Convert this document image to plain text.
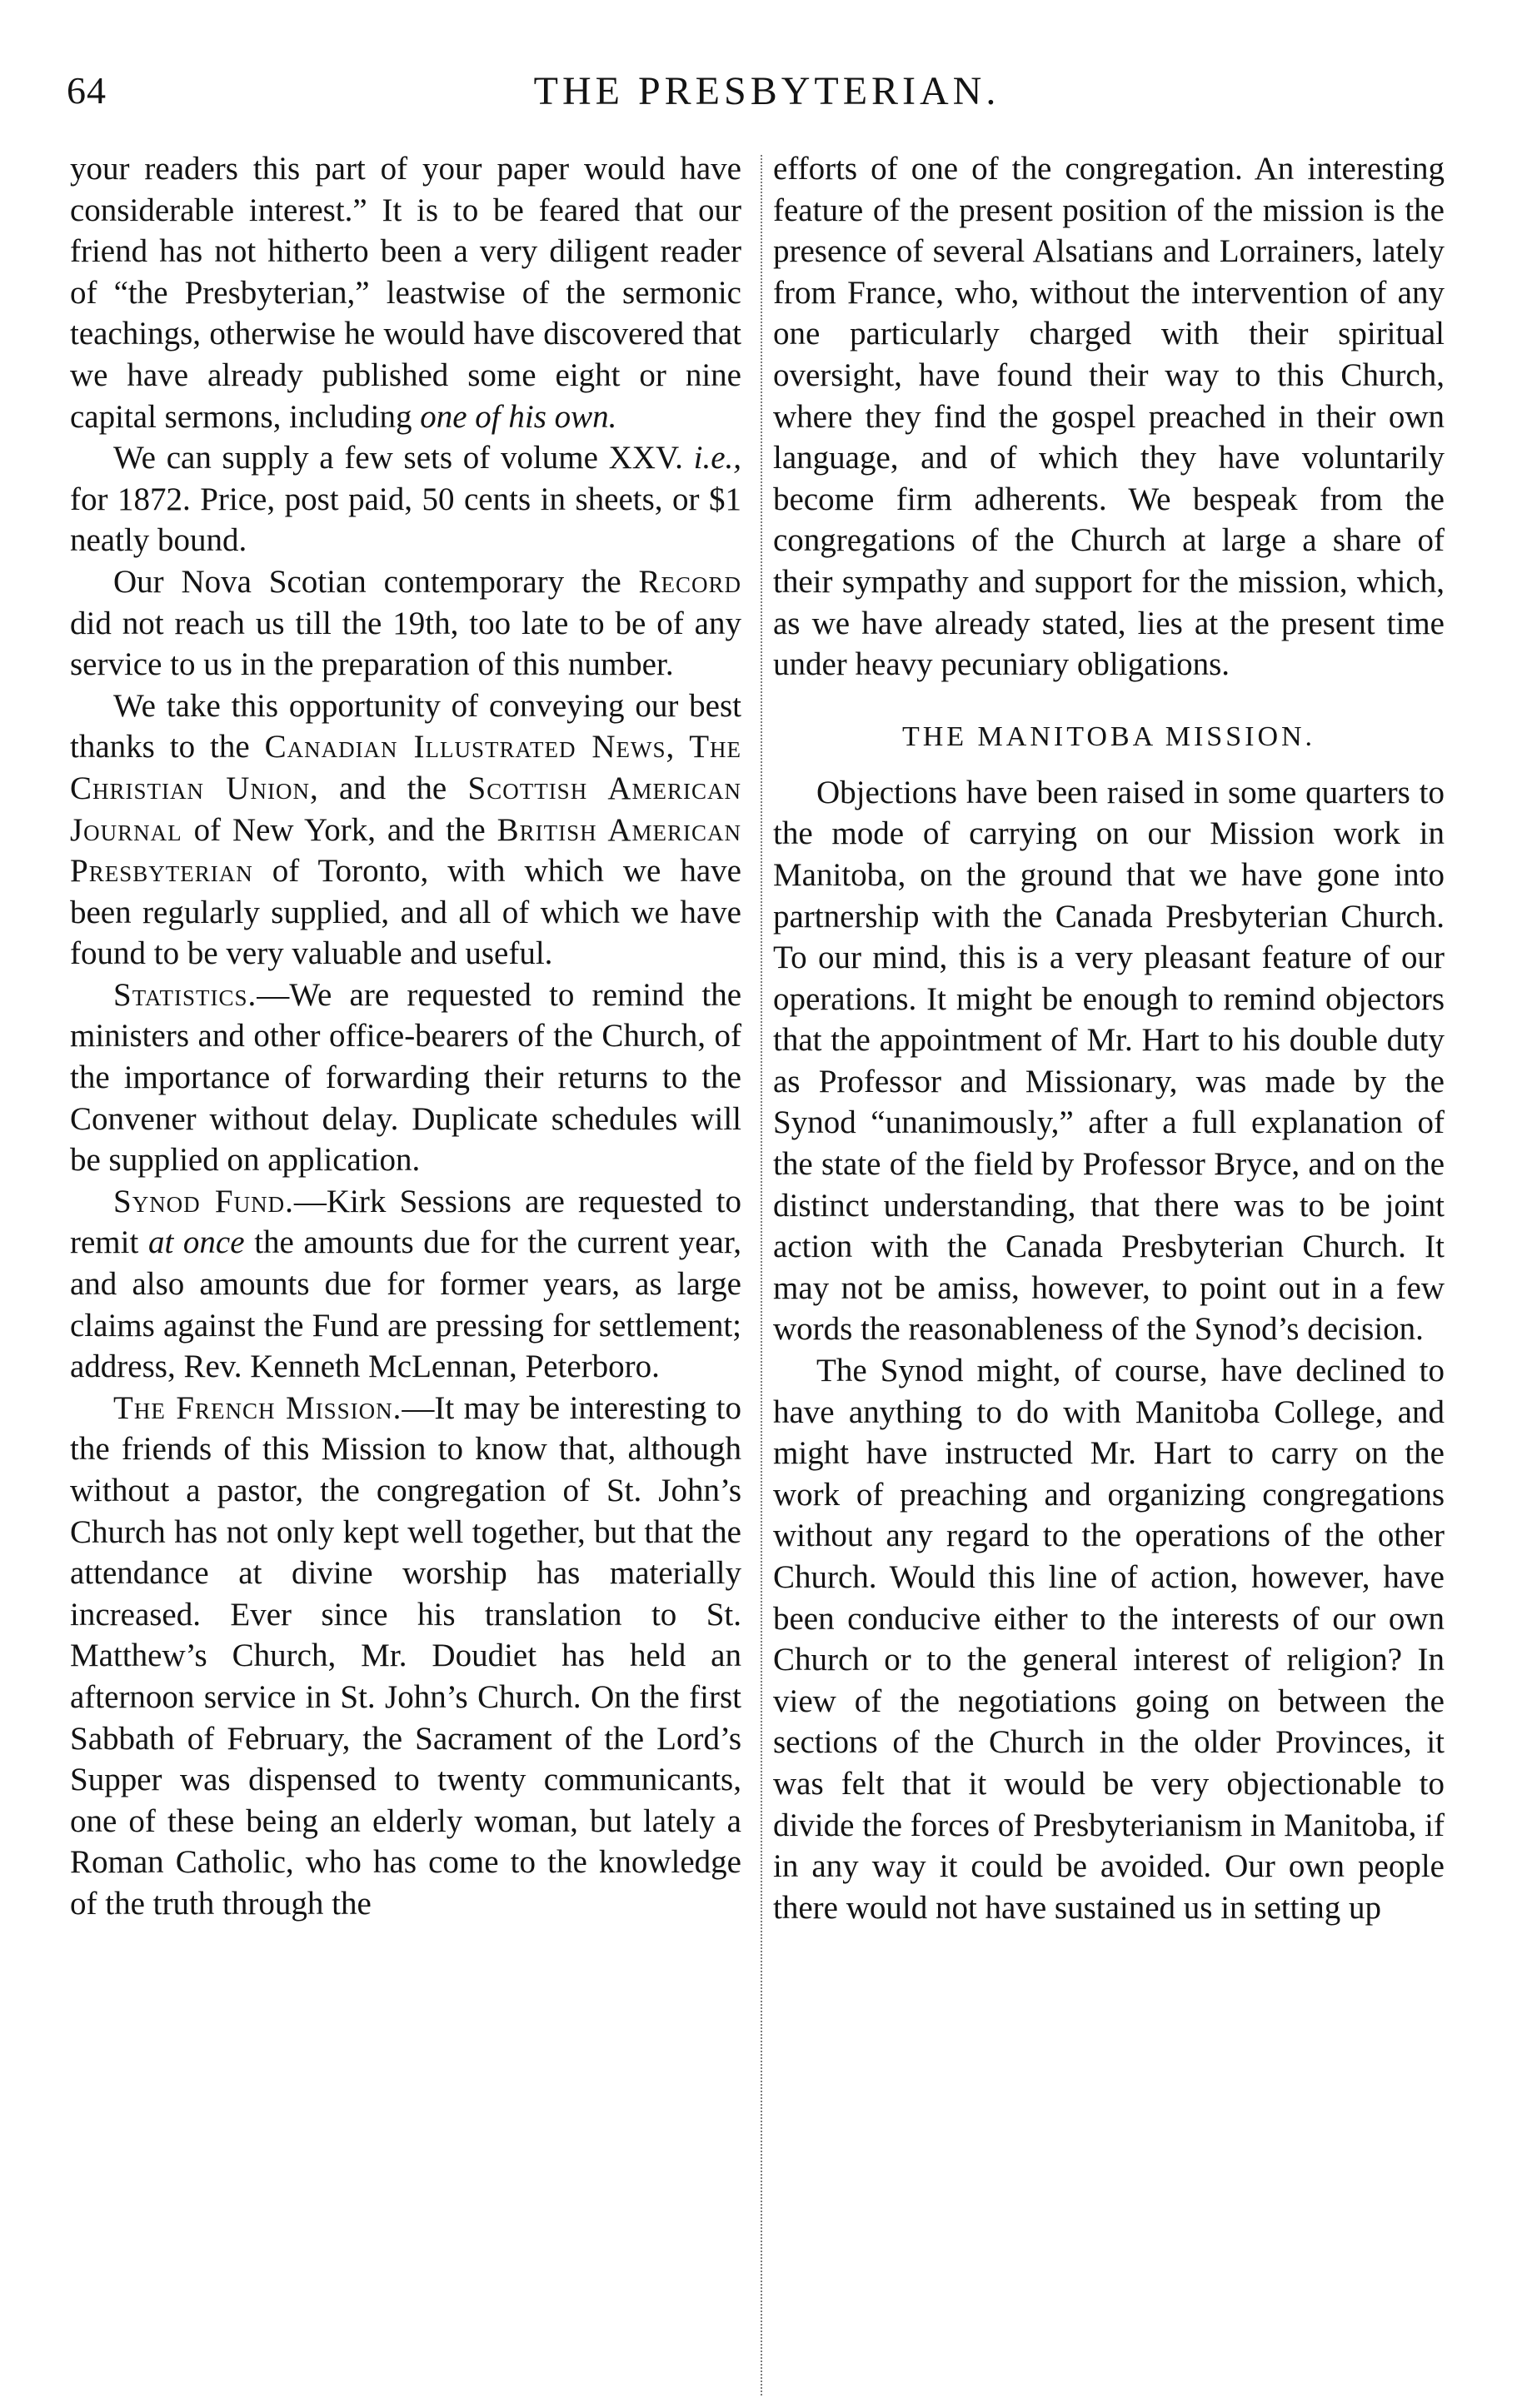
64	THE PRESBYTERIAN.

your readers this part of your paper would have considerable interest.” It is to be feared that our friend has not hitherto been a very diligent reader of “the Presbyterian,” leastwise of the sermonic teachings, otherwise he would have discovered that we have already published some eight or nine capital sermons, including one of his own.

We can supply a few sets of volume XXV. i.e., for 1872. Price, post paid, 50 cents in sheets, or $1 neatly bound.

Our Nova Scotian contemporary the Record did not reach us till the 19th, too late to be of any service to us in the preparation of this number.

We take this opportunity of conveying our best thanks to the Canadian Illustrated News, The Christian Union, and the Scottish American Journal of New York, and the British American Presbyterian of Toronto, with which we have been regularly supplied, and all of which we have found to be very valuable and useful.

Statistics.—We are requested to remind the ministers and other office-bearers of the Church, of the importance of forwarding their returns to the Convener without delay. Duplicate schedules will be supplied on application.

Synod Fund.—Kirk Sessions are requested to remit at once the amounts due for the current year, and also amounts due for former years, as large claims against the Fund are pressing for settlement; address, Rev. Kenneth McLennan, Peterboro.

The French Mission.—It may be interesting to the friends of this Mission to know that, although without a pastor, the congregation of St. John’s Church has not only kept well together, but that the attendance at divine worship has materially increased. Ever since his translation to St. Matthew’s Church, Mr. Doudiet has held an afternoon service in St. John’s Church. On the first Sabbath of February, the Sacrament of the Lord’s Supper was dispensed to twenty communicants, one of these being an elderly woman, but lately a Roman Catholic, who has come to the knowledge of the truth through the

efforts of one of the congregation. An interesting feature of the present position of the mission is the presence of several Alsatians and Lorrainers, lately from France, who, without the intervention of any one particularly charged with their spiritual oversight, have found their way to this Church, where they find the gospel preached in their own language, and of which they have voluntarily become firm adherents. We bespeak from the congregations of the Church at large a share of their sympathy and support for the mission, which, as we have already stated, lies at the present time under heavy pecuniary obligations.

THE MANITOBA MISSION.

Objections have been raised in some quarters to the mode of carrying on our Mission work in Manitoba, on the ground that we have gone into partnership with the Canada Presbyterian Church. To our mind, this is a very pleasant feature of our operations. It might be enough to remind objectors that the appointment of Mr. Hart to his double duty as Professor and Missionary, was made by the Synod “unanimously,” after a full explanation of the state of the field by Professor Bryce, and on the distinct understanding, that there was to be joint action with the Canada Presbyterian Church. It may not be amiss, however, to point out in a few words the reasonableness of the Synod’s decision.

The Synod might, of course, have declined to have anything to do with Manitoba College, and might have instructed Mr. Hart to carry on the work of preaching and organizing congregations without any regard to the operations of the other Church. Would this line of action, however, have been conducive either to the interests of our own Church or to the general interest of religion? In view of the negotiations going on between the sections of the Church in the older Provinces, it was felt that it would be very objectionable to divide the forces of Presbyterianism in Manitoba, if in any way it could be avoided. Our own people there would not have sustained us in setting up
